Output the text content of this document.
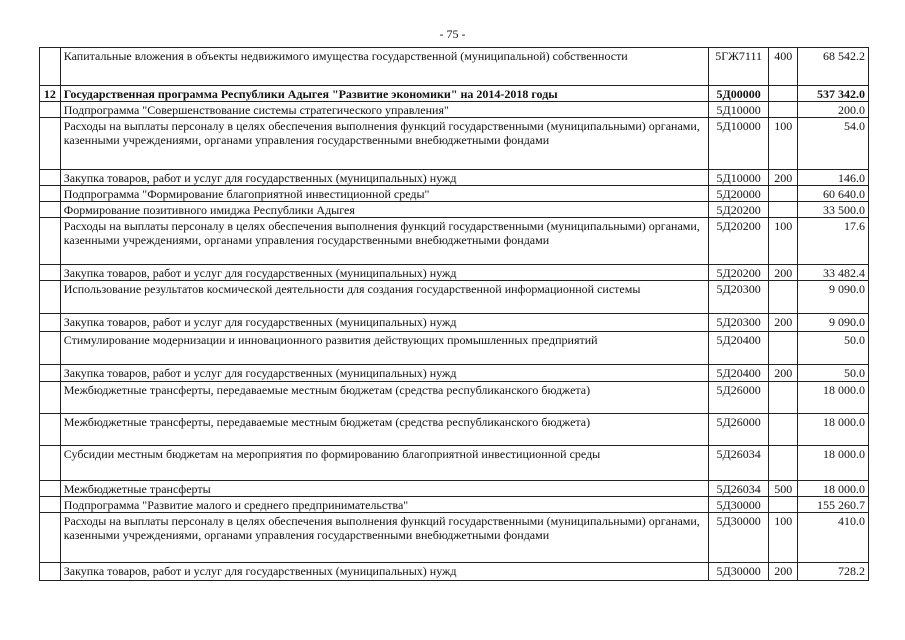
- 75 -
	Капитальные вложения в объекты недвижимого имущества государственной (муниципальной) собственности	5ГЖ7111	400	68 542.2
12	Государственная программа Республики Адыгея "Развитие экономики" на 2014-2018 годы	5Д00000		537 342.0
	Подпрограмма "Совершенствование системы стратегического управления"	5Д10000		200.0
	Расходы на выплаты персоналу в целях обеспечения выполнения функций государственными (муниципальными) органами, казенными учреждениями, органами управления государственными внебюджетными фондами	5Д10000	100	54.0
	Закупка товаров, работ и услуг для государственных (муниципальных) нужд	5Д10000	200	146.0
	Подпрограмма "Формирование благоприятной инвестиционной среды"	5Д20000		60 640.0
	Формирование позитивного имиджа Республики Адыгея	5Д20200		33 500.0
	Расходы на выплаты персоналу в целях обеспечения выполнения функций государственными (муниципальными) органами, казенными учреждениями, органами управления государственными внебюджетными фондами	5Д20200	100	17.6
	Закупка товаров, работ и услуг для государственных (муниципальных) нужд	5Д20200	200	33 482.4
	Использование результатов космической деятельности для создания государственной информационной системы	5Д20300		9 090.0
	Закупка товаров, работ и услуг для государственных (муниципальных) нужд	5Д20300	200	9 090.0
	Стимулирование модернизации и инновационного развития действующих промышленных предприятий	5Д20400		50.0
	Закупка товаров, работ и услуг для государственных (муниципальных) нужд	5Д20400	200	50.0
	Межбюджетные трансферты, передаваемые местным бюджетам (средства республиканского бюджета)	5Д26000		18 000.0
	Межбюджетные трансферты, передаваемые местным бюджетам (средства республиканского бюджета)	5Д26000		18 000.0
	Субсидии местным бюджетам на мероприятия по формированию благоприятной инвестиционной среды	5Д26034		18 000.0
	Межбюджетные трансферты	5Д26034	500	18 000.0
	Подпрограмма "Развитие малого и среднего предпринимательства"	5Д30000		155 260.7
	Расходы на выплаты персоналу в целях обеспечения выполнения функций государственными (муниципальными) органами, казенными учреждениями, органами управления государственными внебюджетными фондами	5Д30000	100	410.0
	Закупка товаров, работ и услуг для государственных (муниципальных) нужд	5Д30000	200	728.2
